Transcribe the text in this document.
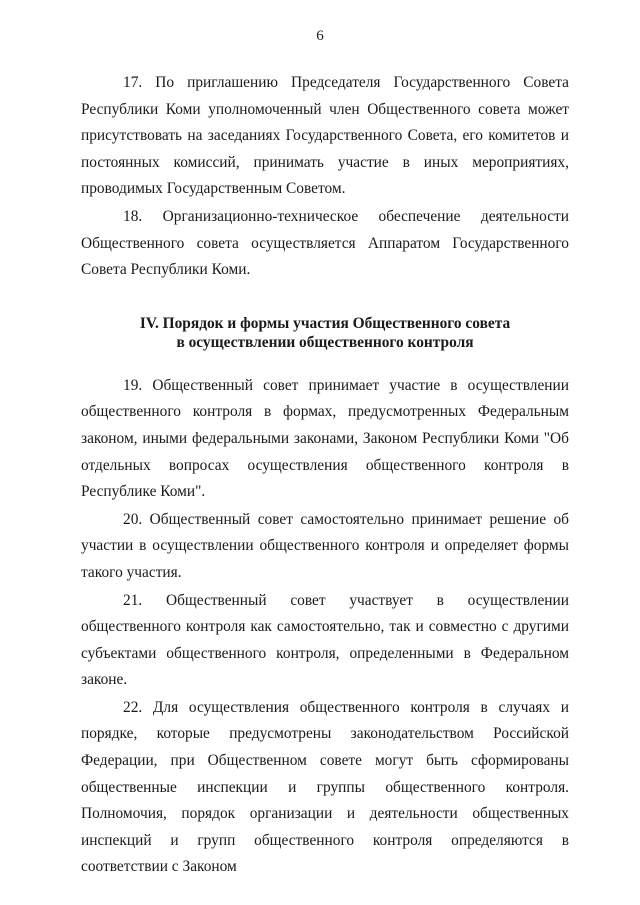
6

17. По приглашению Председателя Государственного Совета Республики Коми уполномоченный член Общественного совета может присутствовать на заседаниях Государственного Совета, его комитетов и постоянных комиссий, принимать участие в иных мероприятиях, проводимых Государственным Советом.

18. Организационно-техническое обеспечение деятельности Общественного совета осуществляется Аппаратом Государственного Совета Республики Коми.

IV. Порядок и формы участия Общественного совета
в осуществлении общественного контроля

19. Общественный совет принимает участие в осуществлении общественного контроля в формах, предусмотренных Федеральным законом, иными федеральными законами, Законом Республики Коми "Об отдельных вопросах осуществления общественного контроля в Республике Коми".

20. Общественный совет самостоятельно принимает решение об участии в осуществлении общественного контроля и определяет формы такого участия.

21. Общественный совет участвует в осуществлении общественного контроля как самостоятельно, так и совместно с другими субъектами общественного контроля, определенными в Федеральном законе.

22. Для осуществления общественного контроля в случаях и порядке, которые предусмотрены законодательством Российской Федерации, при Общественном совете могут быть сформированы общественные инспекции и группы общественного контроля. Полномочия, порядок организации и деятельности общественных инспекций и групп общественного контроля определяются в соответствии с Законом
